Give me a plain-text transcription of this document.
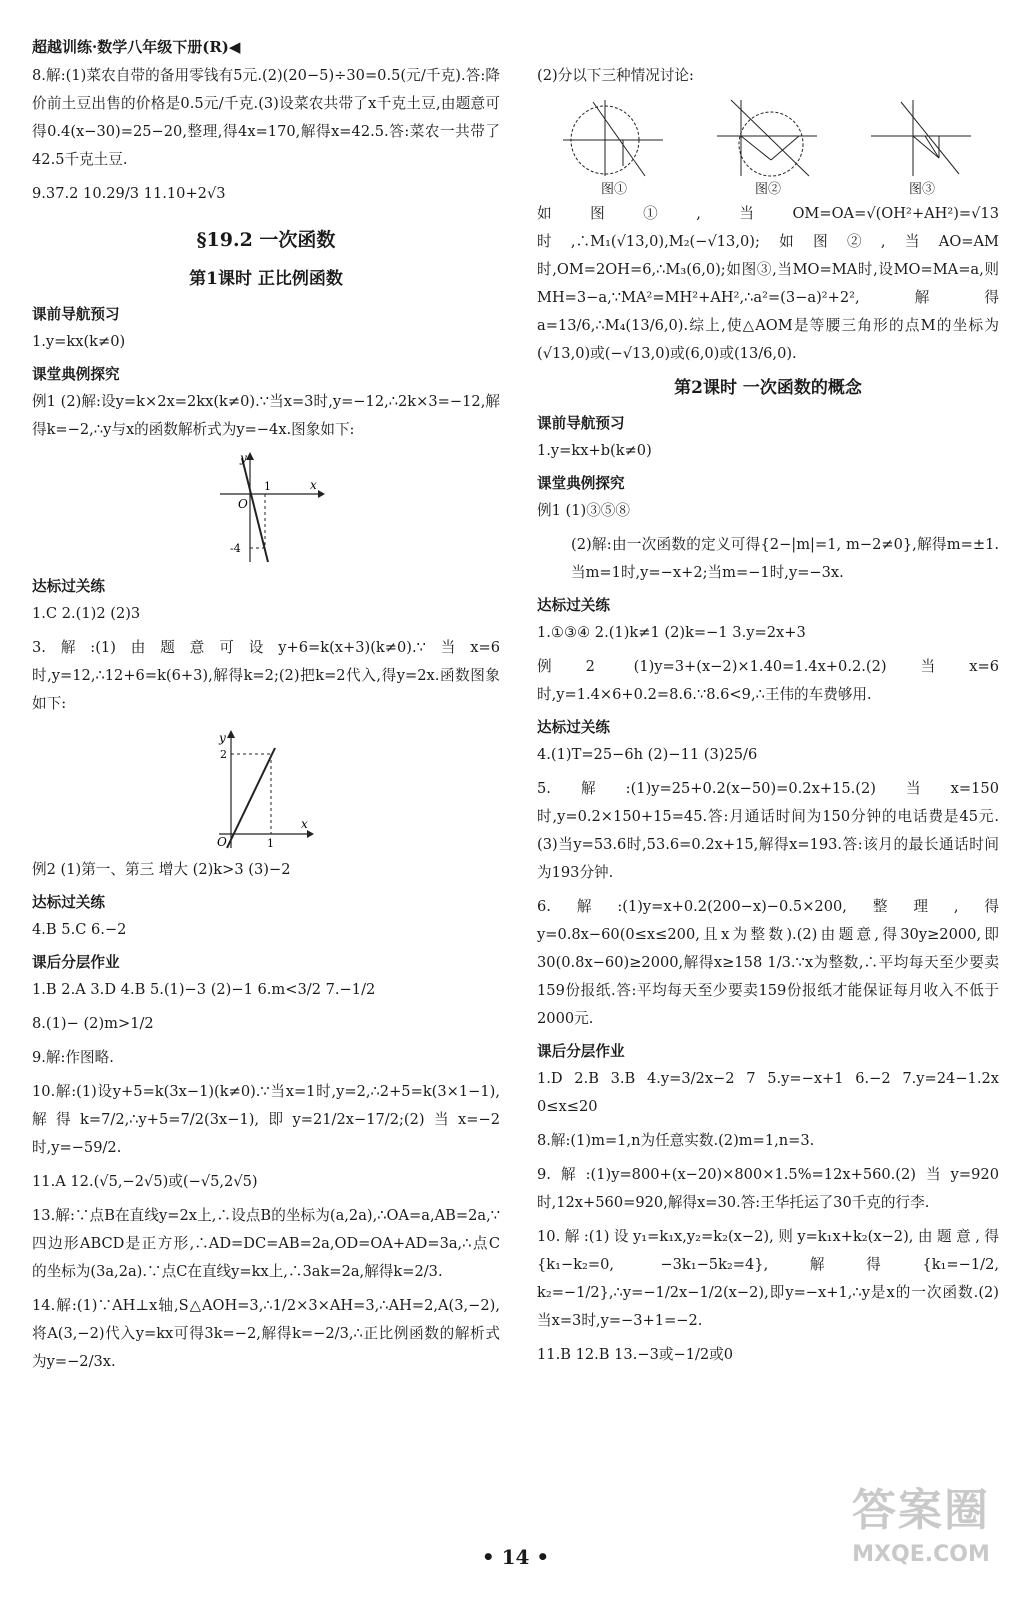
超越训练·数学八年级下册(R)◀

8.解:(1)菜农自带的备用零钱有5元.(2)(20−5)÷30=0.5(元/千克).答:降价前土豆出售的价格是0.5元/千克.(3)设菜农共带了x千克土豆,由题意可得0.4(x−30)=25−20,整理,得4x=170,解得x=42.5.答:菜农一共带了42.5千克土豆.

9.37.2 10.29/3 11.10+2√3

§19.2 一次函数
第1课时 正比例函数
课前导航预习

1.y=kx(k≠0)

课堂典例探究

例1 (2)解:设y=k×2x=2kx(k≠0).∵当x=3时,y=−12,∴2k×3=−12,解得k=−2,∴y与x的函数解析式为y=−4x.图象如下:

x
y
O
1
-4
达标过关练

1.C 2.(1)2 (2)3

3.解:(1)由题意可设y+6=k(x+3)(k≠0).∵当x=6时,y=12,∴12+6=k(6+3),解得k=2;(2)把k=2代入,得y=2x.函数图象如下:

x
y
O	1
2

例2 (1)第一、第三 增大 (2)k>3 (3)−2

达标过关练

4.B 5.C 6.−2

课后分层作业

1.B 2.A 3.D 4.B 5.(1)−3 (2)−1 6.m<3/2 7.−1/2

8.(1)− (2)m>1/2

9.解:作图略.

10.解:(1)设y+5=k(3x−1)(k≠0).∵当x=1时,y=2,∴2+5=k(3×1−1),解得k=7/2,∴y+5=7/2(3x−1),即y=21/2x−17/2;(2)当x=−2时,y=−59/2.

11.A 12.(√5,−2√5)或(−√5,2√5)

13.解:∵点B在直线y=2x上,∴设点B的坐标为(a,2a),∴OA=a,AB=2a,∵四边形ABCD是正方形,∴AD=DC=AB=2a,OD=OA+AD=3a,∴点C的坐标为(3a,2a).∵点C在直线y=kx上,∴3ak=2a,解得k=2/3.

14.解:(1)∵AH⊥x轴,S△AOH=3,∴1/2×3×AH=3,∴AH=2,A(3,−2),将A(3,−2)代入y=kx可得3k=−2,解得k=−2/3,∴正比例函数的解析式为y=−2/3x.

(2)分以下三种情况讨论:

图①	图②	图③

如图①,当OM=OA=√(OH²+AH²)=√13时,∴M₁(√13,0),M₂(−√13,0);如图②,当AO=AM时,OM=2OH=6,∴M₃(6,0);如图③,当MO=MA时,设MO=MA=a,则MH=3−a,∵MA²=MH²+AH²,∴a²=(3−a)²+2²,解得a=13/6,∴M₄(13/6,0).综上,使△AOM是等腰三角形的点M的坐标为(√13,0)或(−√13,0)或(6,0)或(13/6,0).

第2课时 一次函数的概念
课前导航预习

1.y=kx+b(k≠0)

课堂典例探究

例1 (1)③⑤⑧

(2)解:由一次函数的定义可得{2−|m|=1, m−2≠0},解得m=±1.当m=1时,y=−x+2;当m=−1时,y=−3x.

达标过关练

1.①③④ 2.(1)k≠1 (2)k=−1 3.y=2x+3

例2 (1)y=3+(x−2)×1.40=1.4x+0.2.(2)当x=6时,y=1.4×6+0.2=8.6.∵8.6<9,∴王伟的车费够用.

达标过关练

4.(1)T=25−6h (2)−11 (3)25/6

5.解:(1)y=25+0.2(x−50)=0.2x+15.(2)当x=150时,y=0.2×150+15=45.答:月通话时间为150分钟的电话费是45元.(3)当y=53.6时,53.6=0.2x+15,解得x=193.答:该月的最长通话时间为193分钟.

6.解:(1)y=x+0.2(200−x)−0.5×200,整理,得y=0.8x−60(0≤x≤200,且x为整数).(2)由题意,得30y≥2000,即30(0.8x−60)≥2000,解得x≥158 1/3.∵x为整数,∴平均每天至少要卖159份报纸.答:平均每天至少要卖159份报纸才能保证每月收入不低于2000元.

课后分层作业

1.D 2.B 3.B 4.y=3/2x−2 7 5.y=−x+1 6.−2 7.y=24−1.2x 0≤x≤20

8.解:(1)m=1,n为任意实数.(2)m=1,n=3.

9.解:(1)y=800+(x−20)×800×1.5%=12x+560.(2)当y=920时,12x+560=920,解得x=30.答:王华托运了30千克的行李.

10.解:(1)设y₁=k₁x,y₂=k₂(x−2),则y=k₁x+k₂(x−2),由题意,得{k₁−k₂=0, −3k₁−5k₂=4},解得{k₁=−1/2, k₂=−1/2},∴y=−1/2x−1/2(x−2),即y=−x+1,∴y是x的一次函数.(2)当x=3时,y=−3+1=−2.

11.B 12.B 13.−3或−1/2或0

• 14 •
答案圈
MXQE.COM
